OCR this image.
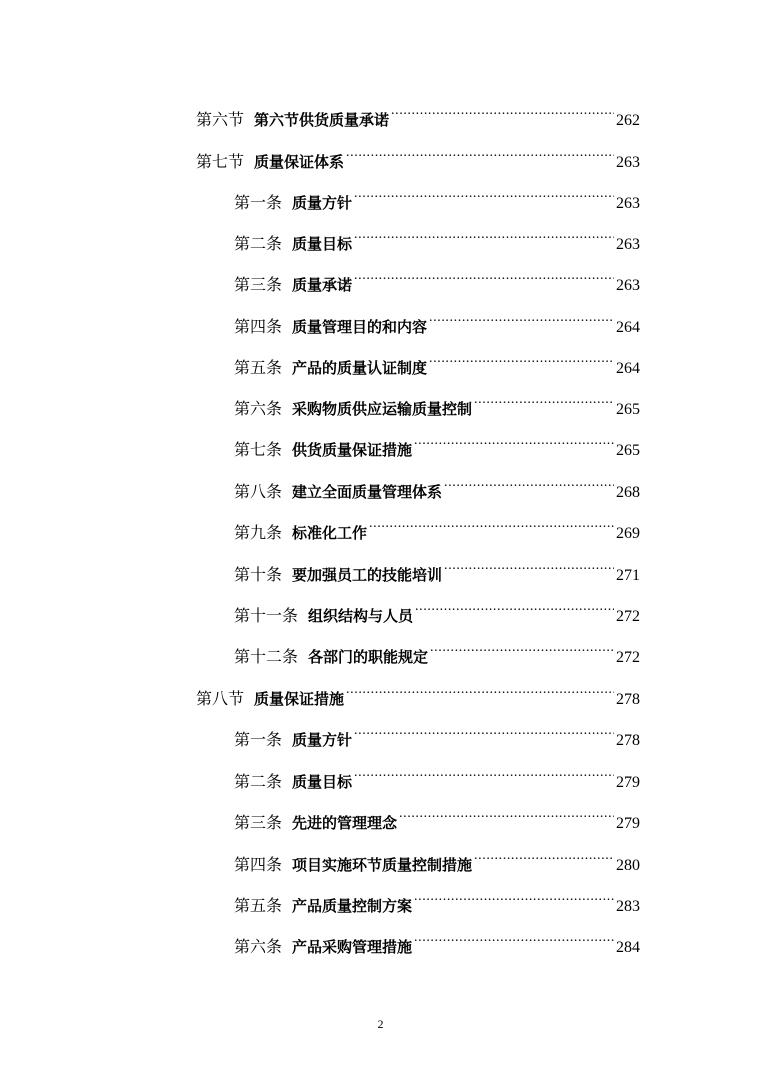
第六节 第六节供货质量承诺 .....	262
第七节 质量保证体系 .....	263
第一条 质量方针 .....	263
第二条 质量目标 .....	263
第三条 质量承诺 .....	263
第四条 质量管理目的和内容 .....	264
第五条 产品的质量认证制度 .....	264
第六条 采购物质供应运输质量控制 .....	265
第七条 供货质量保证措施 .....	265
第八条 建立全面质量管理体系 .....	268
第九条 标准化工作 .....	269
第十条 要加强员工的技能培训 .....	271
第十一条 组织结构与人员 .....	272
第十二条 各部门的职能规定 .....	272
第八节 质量保证措施 .....	278
第一条 质量方针 .....	278
第二条 质量目标 .....	279
第三条 先进的管理理念 .....	279
第四条 项目实施环节质量控制措施 .....	280
第五条 产品质量控制方案 .....	283
第六条 产品采购管理措施 .....	284
2
